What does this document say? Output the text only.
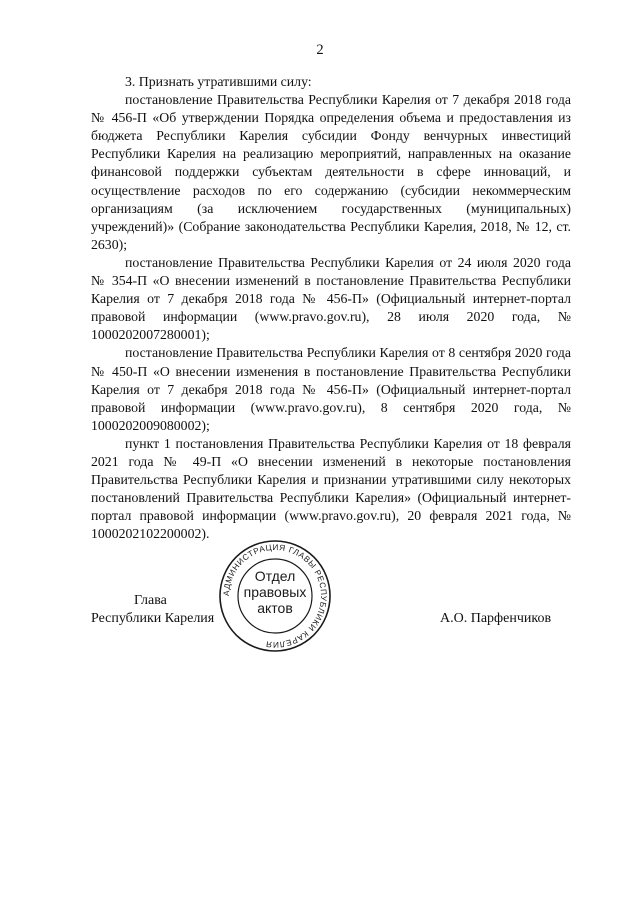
2

3. Признать утратившими силу:

постановление Правительства Республики Карелия от 7 декабря 2018 года № 456-П «Об утверждении Порядка определения объема и предоставления из бюджета Республики Карелия субсидии Фонду венчурных инвестиций Республики Карелия на реализацию мероприятий, направленных на оказание финансовой поддержки субъектам деятельности в сфере инноваций, и осуществление расходов по его содержанию (субсидии некоммерческим организациям (за исключением государственных (муниципальных) учреждений)» (Собрание законодательства Республики Карелия, 2018, № 12, ст. 2630);

постановление Правительства Республики Карелия от 24 июля 2020 года № 354-П «О внесении изменений в постановление Правительства Республики Карелия от 7 декабря 2018 года № 456-П» (Официальный интернет-портал правовой информации (www.pravo.gov.ru), 28 июля 2020 года, № 1000202007280001);

постановление Правительства Республики Карелия от 8 сентября 2020 года № 450-П «О внесении изменения в постановление Правительства Республики Карелия от 7 декабря 2018 года № 456-П» (Официальный интернет-портал правовой информации (www.pravo.gov.ru), 8 сентября 2020 года, № 1000202009080002);

пункт 1 постановления Правительства Республики Карелия от 18 февраля 2021 года № 49-П «О внесении изменений в некоторые постановления Правительства Республики Карелия и признании утратившими силу некоторых постановлений Правительства Республики Карелия» (Официальный интернет-портал правовой информации (www.pravo.gov.ru), 20 февраля 2021 года, № 1000202102200002).

Глава
Республики Карелия	А.О. Парфенчиков
АДМИНИСТРАЦИЯ ГЛАВЫ РЕСПУБЛИКИ КАРЕЛИЯ
Отдел
правовых
актов
